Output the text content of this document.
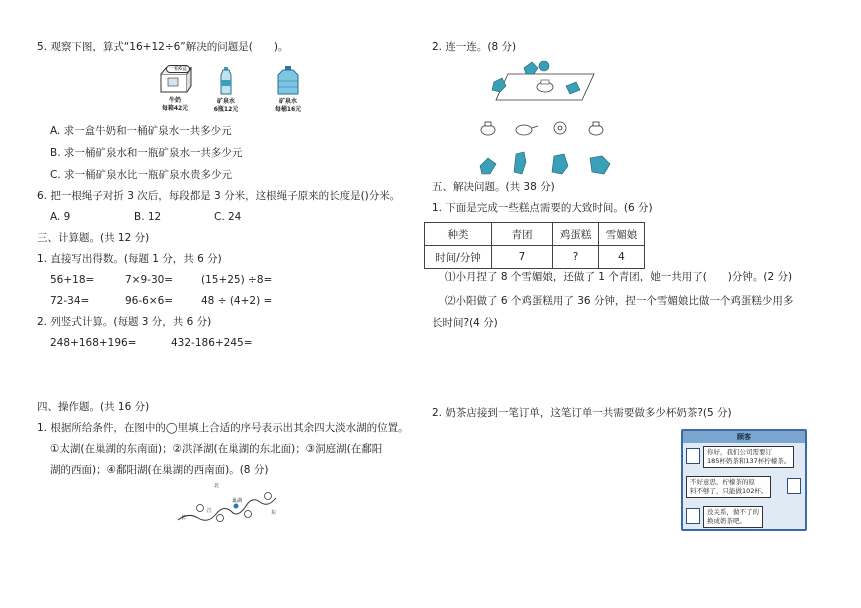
5. 观察下图，算式“16+12÷6”解决的问题是(　　)。
一箱6盒
牛奶
每箱42元
矿泉水
6瓶12元
矿泉水
每桶16元
A. 求一盒牛奶和一桶矿泉水一共多少元
B. 求一桶矿泉水和一瓶矿泉水一共多少元
C. 求一桶矿泉水比一瓶矿泉水贵多少元
6. 把一根绳子对折 3 次后，每段都是 3 分米，这根绳子原来的长度是()分米。
A. 9	B. 12	C. 24
三、计算题。(共 12 分)
1. 直接写出得数。(每题 1 分，共 6 分)
56+18=	7×9-30=	(15+25) ÷8=
72-34=	96-6×6=	48 ÷ (4+2) =
2. 列竖式计算。(每题 3 分，共 6 分)
248+168+196=	432-186+245=
四、操作题。(共 16 分)
1. 根据所给条件，在图中的◯里填上合适的序号表示出其余四大淡水湖的位置。
①太湖(在巢湖的东南面)；②洪泽湖(在巢湖的东北面)；③洞庭湖(在鄱阳
湖的西面)；④鄱阳湖(在巢湖的西南面)。(8 分)
北
巢湖
东
长
江
2. 连一连。(8 分)
五、解决问题。(共 38 分)
1. 下面是完成一些糕点需要的大致时间。(6 分)
种类	青团	鸡蛋糕	雪媚娘
时间/分钟	7	?	4
⑴小月捏了 8 个雪媚娘，还做了 1 个青团，她一共用了(　　)分钟。(2 分)
⑵小阳做了 6 个鸡蛋糕用了 36 分钟，捏一个雪媚娘比做一个鸡蛋糕少用多
长时间?(4 分)
2. 奶茶店接到一笔订单，这笔订单一共需要做多少杯奶茶?(5 分)
顾客
你好，我们公司需要订
185杯奶茶和137杯柠檬茶。
不好意思，柠檬茶的原
料不够了，只能做102杯。
没关系，做不了的
换成奶茶吧。
